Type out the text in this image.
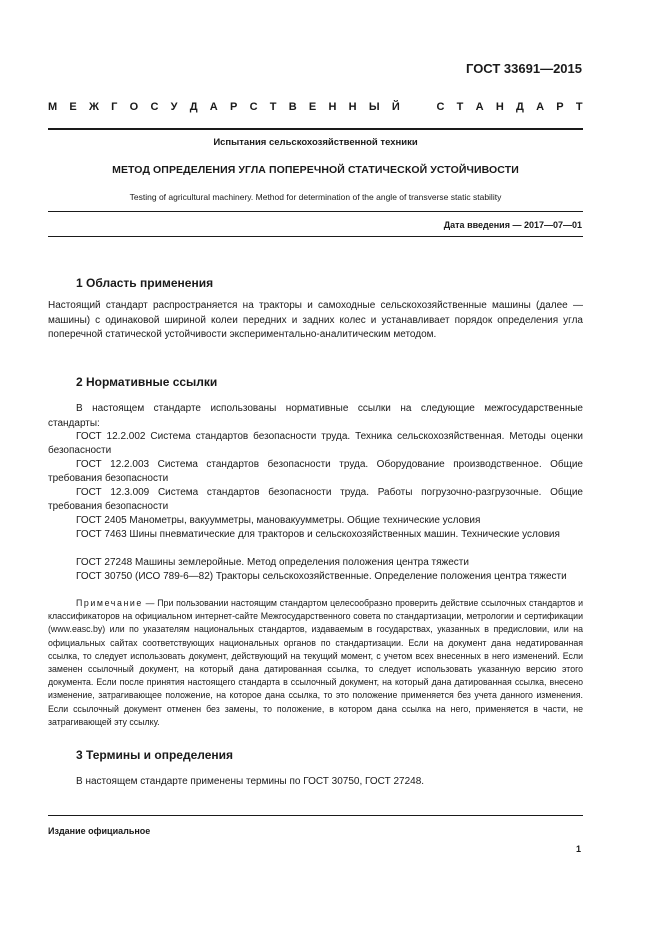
ГОСТ 33691—2015
М Е Ж Г О С У Д А Р С Т В Е Н Н Ы Й	С Т А Н Д А Р Т
Испытания сельскохозяйственной техники
МЕТОД ОПРЕДЕЛЕНИЯ УГЛА ПОПЕРЕЧНОЙ СТАТИЧЕСКОЙ УСТОЙЧИВОСТИ
Testing of agricultural machinery. Method for determination of the angle of transverse static stability
Дата введения — 2017—07—01
1 Область применения
Настоящий стандарт распространяется на тракторы и самоходные сельскохозяйственные машины (далее — машины) с одинаковой шириной колеи передних и задних колес и устанавливает порядок определения угла поперечной статической устойчивости экспериментально-аналитическим методом.
2 Нормативные ссылки
В настоящем стандарте использованы нормативные ссылки на следующие межгосударственные стандарты:
ГОСТ 12.2.002 Система стандартов безопасности труда. Техника сельскохозяйственная. Методы оценки безопасности
ГОСТ 12.2.003 Система стандартов безопасности труда. Оборудование производственное. Общие требования безопасности
ГОСТ 12.3.009 Система стандартов безопасности труда. Работы погрузочно-разгрузочные. Общие требования безопасности
ГОСТ 2405 Манометры, вакуумметры, мановакуумметры. Общие технические условия
ГОСТ 7463 Шины пневматические для тракторов и сельскохозяйственных машин. Технические условия
ГОСТ 27248 Машины землеройные. Метод определения положения центра тяжести
ГОСТ 30750 (ИСО 789-6—82) Тракторы сельскохозяйственные. Определение положения центра тяжести
Примечание — При пользовании настоящим стандартом целесообразно проверить действие ссылочных стандартов и классификаторов на официальном интернет-сайте Межгосударственного совета по стандартизации, метрологии и сертификации (www.easc.by) или по указателям национальных стандартов, издаваемым в государствах, указанных в предисловии, или на официальных сайтах соответствующих национальных органов по стандартизации. Если на документ дана недатированная ссылка, то следует использовать документ, действующий на текущий момент, с учетом всех внесенных в него изменений. Если заменен ссылочный документ, на который дана датированная ссылка, то следует использовать указанную версию этого документа. Если после принятия настоящего стандарта в ссылочный документ, на который дана датированная ссылка, внесено изменение, затрагивающее положение, на которое дана ссылка, то это положение применяется без учета данного изменения. Если ссылочный документ отменен без замены, то положение, в котором дана ссылка на него, применяется в части, не затрагивающей эту ссылку.
3 Термины и определения
В настоящем стандарте применены термины по ГОСТ 30750, ГОСТ 27248.
Издание официальное
1
